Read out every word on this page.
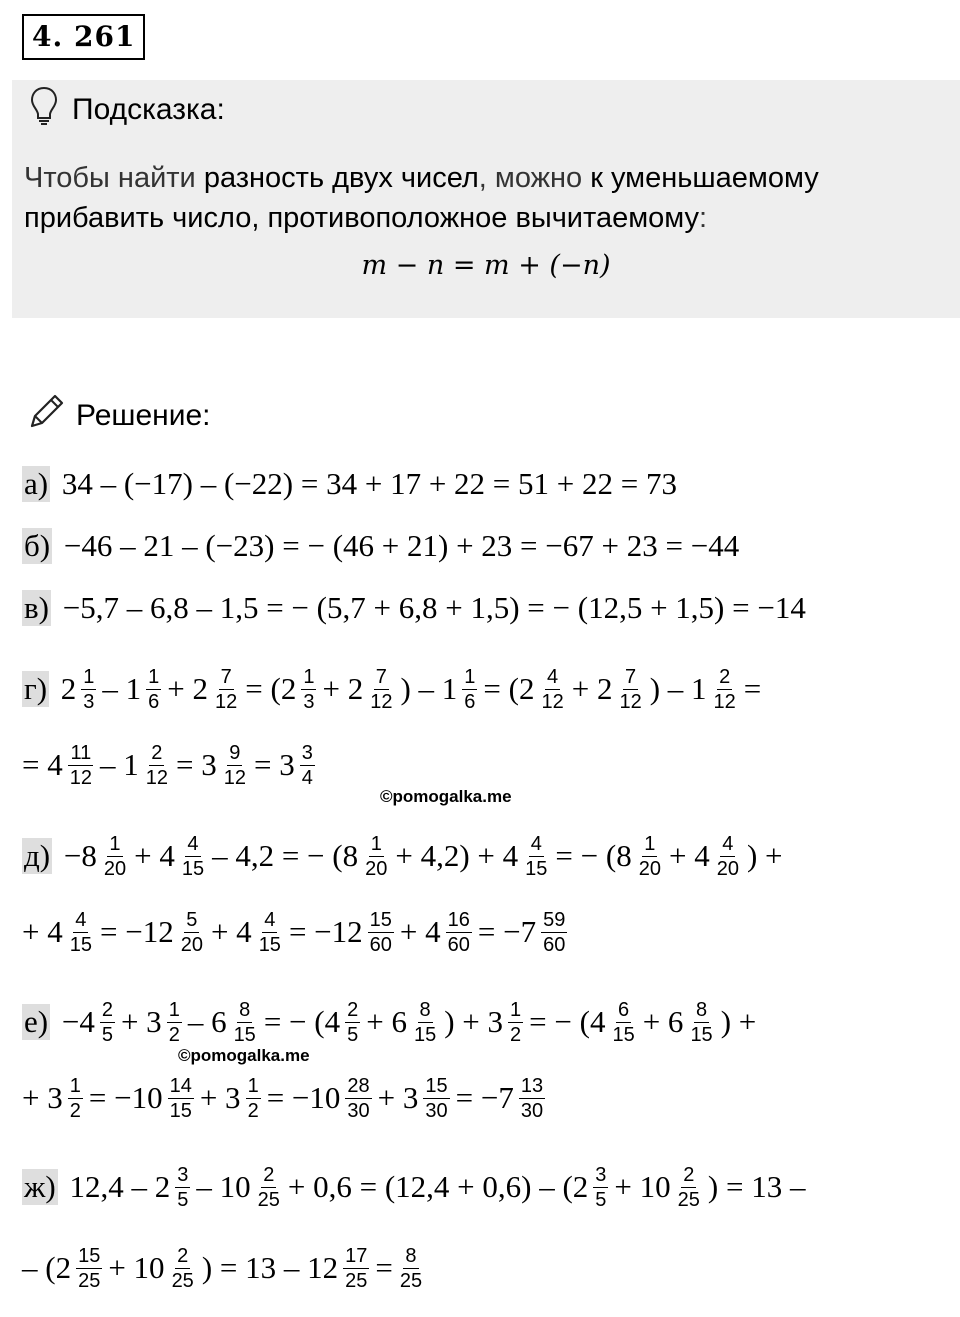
4. 261
Подсказка:
Чтобы найти разность двух чисел, можно к уменьшаемому прибавить число, противоположное вычитаемому:
m − n = m + (−n)
Решение:
а) 34 – (−17) – (−22) = 34 + 17 + 22 = 51 + 22 = 73
б) −46 – 21 – (−23) = − (46 + 21) + 23 = −67 + 23 = −44
в) −5,7 – 6,8 – 1,5 = − (5,7 + 6,8 + 1,5) = − (12,5 + 1,5) = −14
г) $2 \frac{1}{3} - 1 \frac{1}{6} + 2 \frac{7}{12} = (2 \frac{1}{3} + 2 \frac{7}{12}$ ) – $1 \frac{1}{6} = (2 \frac{4}{12} + 2 \frac{7}{12}$ ) – $1 \frac{2}{12}$ =
= $4 \frac{11}{12} - 1 \frac{2}{12} = 3 \frac{9}{12} = 3 \frac{3}{4}$
$д) -8 \frac{1}{20} + 4 \frac{4}{15} - 4,2$ = − $(8 \frac{1}{20} + 4,2) + 4 \frac{4}{15}$ = − ($8 \frac{1}{20} + 4 \frac{4}{20}$ ) +
+ $4 \frac{4}{15} = -12 \frac{5}{20} + 4 \frac{4}{15} = -12 \frac{15}{60} + 4 \frac{16}{60} = -7 \frac{59}{60}$
$е) -4 \frac{2}{5} + 3 \frac{1}{2} - 6 \frac{8}{15}$ = − ($4 \frac{2}{5} + 6 \frac{8}{15}$ ) + $3 \frac{1}{2}$ = − ($4 \frac{6}{15} + 6 \frac{8}{15}$ ) +
+ $3 \frac{1}{2} = -10 \frac{14}{15} + 3 \frac{1}{2} = -10 \frac{28}{30} + 3 \frac{15}{30} = -7 \frac{13}{30}$
ж) $12,4 - 2 \frac{3}{5} - 10 \frac{2}{25} + 0,6 = (12,4 + 0,6) - (2 \frac{3}{5} + 10 \frac{2}{25}$ ) = 13 –
– ($2 \frac{15}{25} + 10 \frac{2}{25}$ ) = $13 - 12 \frac{17}{25} = \frac{8}{25}$
©pomogalka.me
©pomogalka.me
